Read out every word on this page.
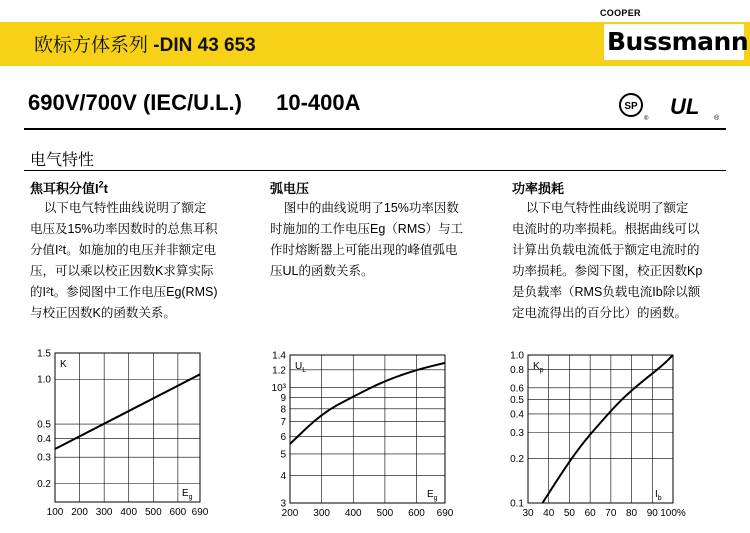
欧标方体系列 -DIN 43 653
COOPER
Bussmann
690V/700V (IEC/U.L.) 10-400A	SP
® UL ®
电气特性
焦耳积分值$I^2t$	弧电压	功率损耗
以下电气特性曲线说明了额定
电压及15%功率因数时的总焦耳积
分值I²t。如施加的电压并非额定电
压，可以乘以校正因数K求算实际
的I²t。参阅图中工作电压Eg(RMS)
与校正因数K的函数关系。
图中的曲线说明了15%功率因数
时施加的工作电压Eg（RMS）与工
作时熔断器上可能出现的峰值弧电
压UL的函数关系。
以下电气特性曲线说明了额定
电流时的功率损耗。根据曲线可以
计算出负载电流低于额定电流时的
功率损耗。参阅下图，校正因数Kp
是负载率（RMS负载电流Ib除以额
定电流得出的百分比）的函数。
100 200 300 400 500 600 690
0.2
0.3
0.4
0.5
1.0
1.5
K
$E_g$
200 300 400 500 600 690
3
4
5
6
7
8
9
10³
1.2
1.4
$U_L$
$E_g$
30 40 50 60 70 80 90 100%
0.1
0.2
0.3
0.4
0.5
0.6
0.8
1.0
$K_p$
$I_b$
